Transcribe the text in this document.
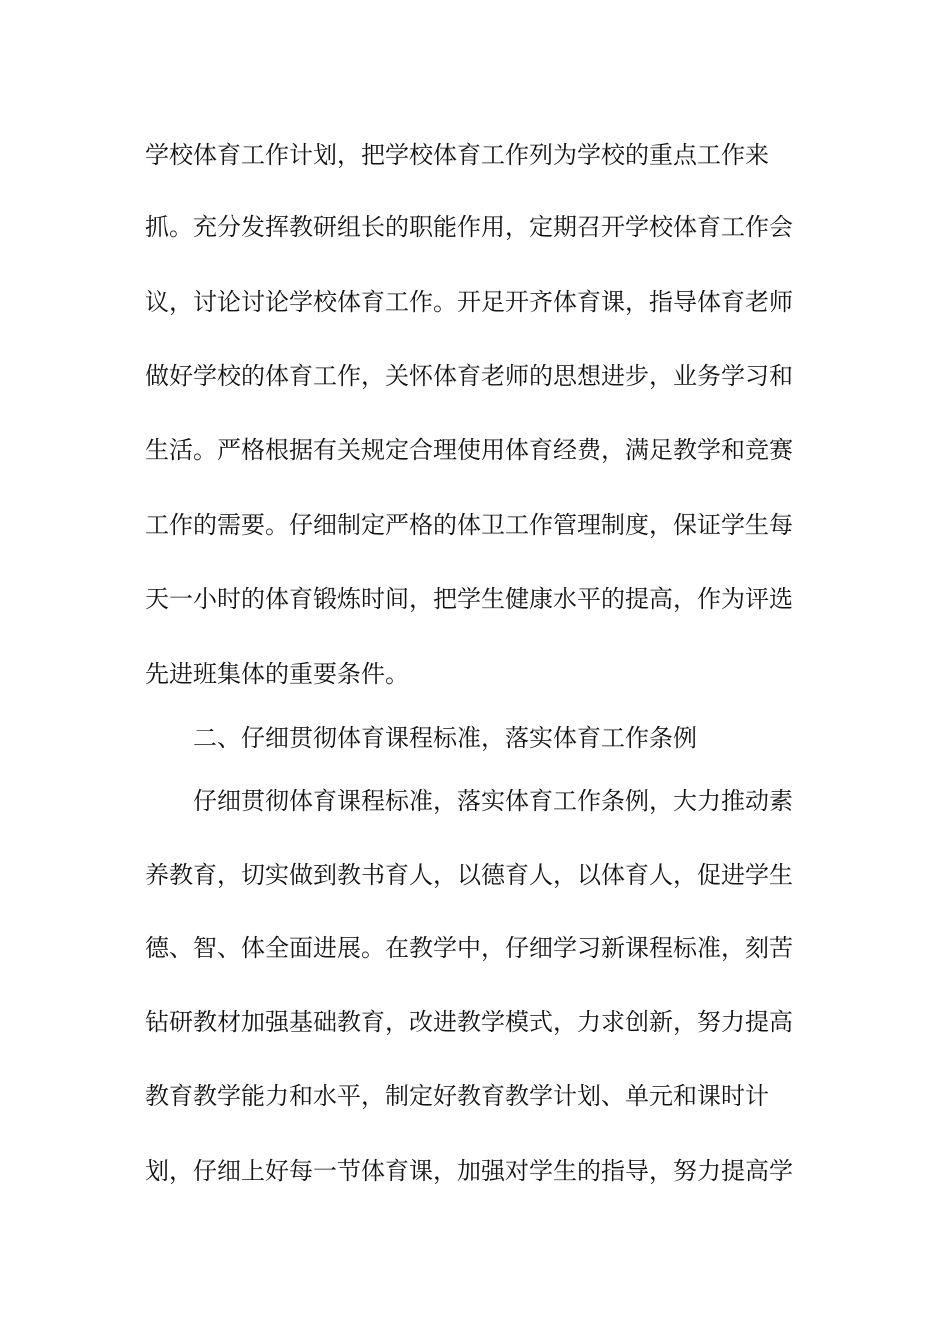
学校体育工作计划，把学校体育工作列为学校的重点工作来
抓。充分发挥教研组长的职能作用，定期召开学校体育工作会
议，讨论讨论学校体育工作。开足开齐体育课，指导体育老师
做好学校的体育工作，关怀体育老师的思想进步，业务学习和
生活。严格根据有关规定合理使用体育经费，满足教学和竞赛
工作的需要。仔细制定严格的体卫工作管理制度，保证学生每
天一小时的体育锻炼时间，把学生健康水平的提高，作为评选
先进班集体的重要条件。
二、仔细贯彻体育课程标准，落实体育工作条例
仔细贯彻体育课程标准，落实体育工作条例，大力推动素
养教育，切实做到教书育人，以德育人，以体育人，促进学生
德、智、体全面进展。在教学中，仔细学习新课程标准，刻苦
钻研教材加强基础教育，改进教学模式，力求创新，努力提高
教育教学能力和水平，制定好教育教学计划、单元和课时计
划，仔细上好每一节体育课，加强对学生的指导，努力提高学
